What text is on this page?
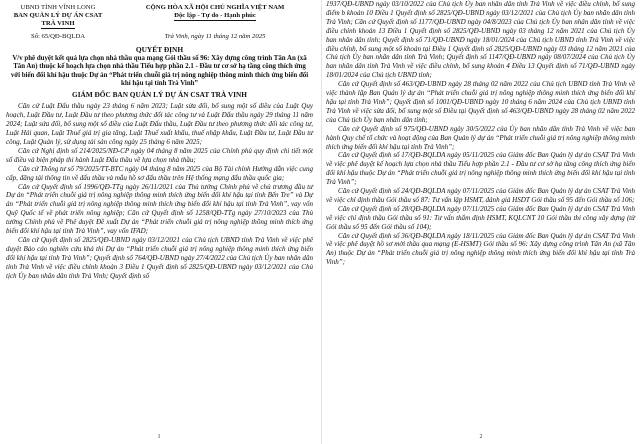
UBND TỈNH VĨNH LONG
BAN QUẢN LÝ DỰ ÁN CSAT
TRÀ VINH
CỘNG HÒA XÃ HỘI CHỦ NGHĨA VIỆT NAM
Độc lập - Tự do - Hạnh phúc
Số: 65/QĐ-BQLDA	Trà Vinh, ngày 11 tháng 12 năm 2025
QUYẾT ĐỊNH
V/v phê duyệt kết quả lựa chọn nhà thầu qua mạng Gói thầu số 96: Xây dựng công trình Tân An (xã Tân An) thuộc kế hoạch lựa chọn nhà thầu Tiểu hợp phần 2.1 - Đầu tư cơ sở hạ tầng công thích ứng với biến đổi khí hậu thuộc Dự án “Phát triển chuỗi giá trị nông nghiệp thông minh thích ứng biến đổi khí hậu tại tỉnh Trà Vinh”
GIÁM ĐỐC BAN QUẢN LÝ DỰ ÁN CSAT TRÀ VINH

Căn cứ Luật Đấu thầu ngày 23 tháng 6 năm 2023; Luật sửa đổi, bổ sung một số điều của Luật Quy hoạch, Luật Đầu tư, Luật Đầu tư theo phương thức đối tác công tư và Luật Đấu thầu ngày 29 tháng 11 năm 2024; Luật sửa đổi, bổ sung một số điều của Luật Đấu thầu, Luật Đầu tư theo phương thức đối tác công tư, Luật Hải quan, Luật Thuế giá trị gia tăng, Luật Thuế xuất khẩu, thuế nhập khẩu, Luật Đầu tư, Luật Đầu tư công, Luật Quản lý, sử dụng tài sản công ngày 25 tháng 6 năm 2025;

Căn cứ Nghị định số 214/2025/NĐ-CP ngày 04 tháng 8 năm 2025 của Chính phủ quy định chi tiết một số điều và biện pháp thi hành Luật Đấu thầu về lựa chọn nhà thầu;

Căn cứ Thông tư số 79/2025/TT-BTC ngày 04 tháng 8 năm 2025 của Bộ Tài chính Hướng dẫn việc cung cấp, đăng tải thông tin về đấu thầu và mẫu hồ sơ đấu thầu trên Hệ thống mạng đấu thầu quốc gia;

Căn cứ Quyết định số 1996/QĐ-TTg ngày 26/11/2021 của Thủ tướng Chính phủ về chủ trương đầu tư Dự án “Phát triển chuỗi giá trị nông nghiệp thông minh thích ứng biến đổi khí hậu tại tỉnh Bến Tre” và Dự án “Phát triển chuỗi giá trị nông nghiệp thông minh thích ứng biến đổi khí hậu tại tỉnh Trà Vinh”, vay vốn Quỹ Quốc tế về phát triển nông nghiệp; Căn cứ Quyết định số 1258/QĐ-TTg ngày 27/10/2023 của Thủ tướng Chính phủ về Phê duyệt Đề xuất Dự án “Phát triển chuỗi giá trị nông nghiệp thông minh thích ứng biến đổi khí hậu tại tỉnh Trà Vinh”, vay vốn IFAD;

Căn cứ Quyết định số 2825/QĐ-UBND ngày 03/12/2021 của Chủ tịch UBND tỉnh Trà Vinh về việc phê duyệt Báo cáo nghiên cứu khả thi Dự án “Phát triển chuỗi giá trị nông nghiệp thông minh thích ứng biến đổi khí hậu tại tỉnh Trà Vinh”; Quyết định số 764/QĐ-UBND ngày 27/4/2022 của Chủ tịch Ủy ban nhân dân tỉnh Trà Vinh về việc điều chỉnh khoản 3 Điều 1 Quyết định số 2825/QĐ-UBND ngày 03/12/2021 của Chủ tịch Ủy ban nhân dân tỉnh Trà Vinh; Quyết định số

1

1937/QĐ-UBND ngày 03/10/2022 của Chủ tịch Ủy ban nhân dân tỉnh Trà Vinh về việc điều chỉnh, bổ sung điểm b khoản 10 Điều 1 Quyết định số 2825/QĐ-UBND ngày 03/12/2021 của Chủ tịch Ủy ban nhân dân tỉnh Trà Vinh; Căn cứ Quyết định số 1177/QĐ-UBND ngày 04/8/2023 của Chủ tịch Ủy ban nhân dân tỉnh về việc điều chỉnh khoản 13 Điều 1 Quyết định số 2825/QĐ-UBND ngày 03 tháng 12 năm 2021 của Chủ tịch Ủy ban nhân dân tỉnh; Quyết định số 71/QĐ-UBND ngày 18/01/2024 của Chủ tịch UBND tỉnh Trà Vinh về việc điều chỉnh, bổ sung một số khoản tại Điều 1 Quyết định số 2825/QĐ-UBND ngày 03 tháng 12 năm 2021 của Chủ tịch Ủy ban nhân dân tỉnh Trà Vinh; Quyết định số 1147/QĐ-UBND ngày 08/07/2024 của Chủ tịch Ủy ban nhân dân tỉnh Trà Vinh về việc điều chỉnh, bổ sung khoản 4 Điều 13 Quyết định số 71/QĐ-UBND ngày 18/01/2024 của Chủ tịch UBND tỉnh;

Căn cứ Quyết định số 463/QĐ-UBND ngày 28 tháng 02 năm 2022 của Chủ tịch UBND tỉnh Trà Vinh về việc thành lập Ban Quản lý dự án “Phát triển chuỗi giá trị nông nghiệp thông minh thích ứng biến đổi khí hậu tại tỉnh Trà Vinh”; Quyết định số 1001/QĐ-UBND ngày 10 tháng 6 năm 2024 của Chủ tịch UBND tỉnh Trà Vinh về việc sửa đổi, bổ sung một số Điều tại Quyết định số 463/QĐ-UBND ngày 28 tháng 02 năm 2022 của Chủ tịch Ủy ban nhân dân tỉnh;

Căn cứ Quyết định số 975/QĐ-UBND ngày 30/5/2022 của Ủy ban nhân dân tỉnh Trà Vinh về việc ban hành Quy chế tổ chức và hoạt động của Ban Quản lý dự án “Phát triển chuỗi giá trị nông nghiệp thông minh thích ứng biến đổi khí hậu tại tỉnh Trà Vinh”;

Căn cứ Quyết định số 17/QĐ-BQLDA ngày 05/11/2025 của Giám đốc Ban Quản lý dự án CSAT Trà Vinh về việc phê duyệt kế hoạch lựa chọn nhà thầu Tiểu hợp phần 2.1 - Đầu tư cơ sở hạ tầng công thích ứng biến đổi khí hậu thuộc Dự án “Phát triển chuỗi giá trị nông nghiệp thông minh thích ứng biến đổi khí hậu tại tỉnh Trà Vinh”;

Căn cứ Quyết định số 24/QĐ-BQLDA ngày 07/11/2025 của Giám đốc Ban Quản lý dự án CSAT Trà Vinh về việc chỉ định thầu Gói thầu số 87: Tư vấn lập HSMT, đánh giá HSDT Gói thầu số 95 đến Gói thầu số 106;

Căn cứ Quyết định số 28/QĐ-BQLDA ngày 07/11/2025 của Giám đốc Ban Quản lý dự án CSAT Trà Vinh về việc chỉ định thầu Gói thầu số 91: Tư vấn thẩm định HSMT, KQLCNT 10 Gói thầu thi công xây dựng (từ Gói thầu số 95 đến Gói thầu số 104);

Căn cứ Quyết định số 36/QĐ-BQLDA ngày 18/11/2025 của Giám đốc Ban Quản lý dự án CSAT Trà Vinh về việc phê duyệt hồ sơ mời thầu qua mạng (E-HSMT) Gói thầu số 96: Xây dựng công trình Tân An (xã Tân An) thuộc Dự án “Phát triển chuỗi giá trị nông nghiệp thông minh thích ứng biến đổi khí hậu tại tỉnh Trà Vinh”;

2
